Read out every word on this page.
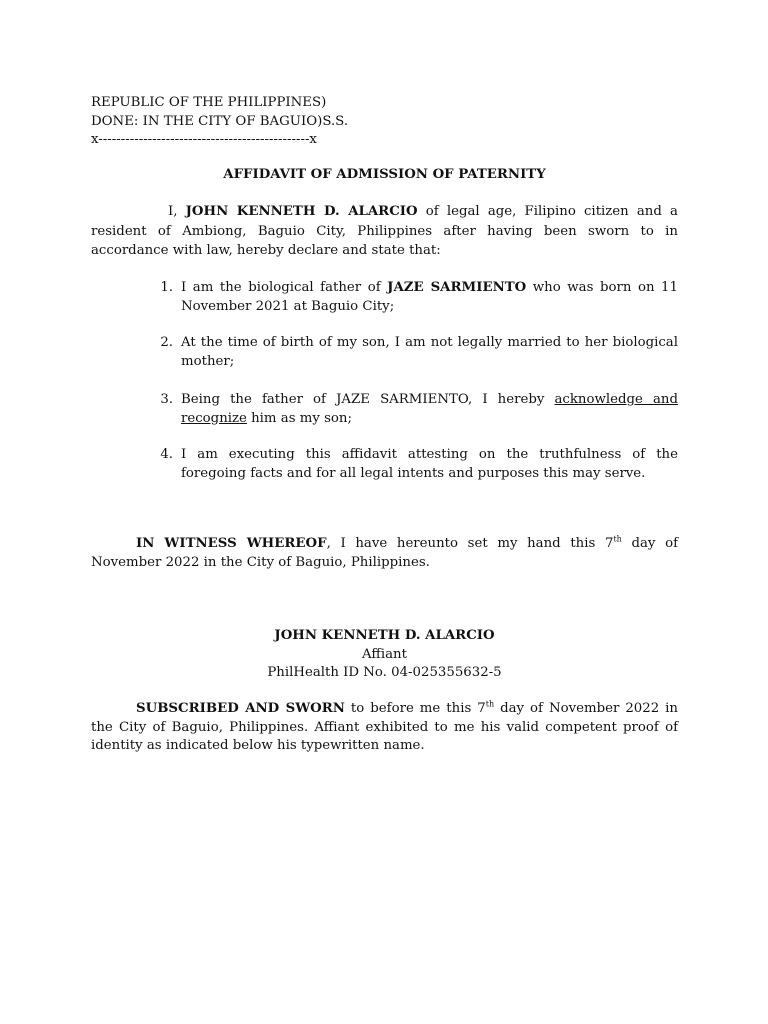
REPUBLIC OF THE PHILIPPINES)
DONE: IN THE CITY OF BAGUIO)S.S.
x-----------------------------------------------x
AFFIDAVIT OF ADMISSION OF PATERNITY
I, JOHN KENNETH D. ALARCIO of legal age, Filipino citizen and a resident of Ambiong, Baguio City, Philippines after having been sworn to in accordance with law, hereby declare and state that:
1. I am the biological father of JAZE SARMIENTO who was born on 11 November 2021 at Baguio City;
2. At the time of birth of my son, I am not legally married to her biological mother;
3. Being the father of JAZE SARMIENTO, I hereby acknowledge and recognize him as my son;
4. I am executing this affidavit attesting on the truthfulness of the foregoing facts and for all legal intents and purposes this may serve.
IN WITNESS WHEREOF, I have hereunto set my hand this 7th day of November 2022 in the City of Baguio, Philippines.
JOHN KENNETH D. ALARCIO
Affiant
PhilHealth ID No. 04-025355632-5
SUBSCRIBED AND SWORN to before me this 7th day of November 2022 in the City of Baguio, Philippines. Affiant exhibited to me his valid competent proof of identity as indicated below his typewritten name.
